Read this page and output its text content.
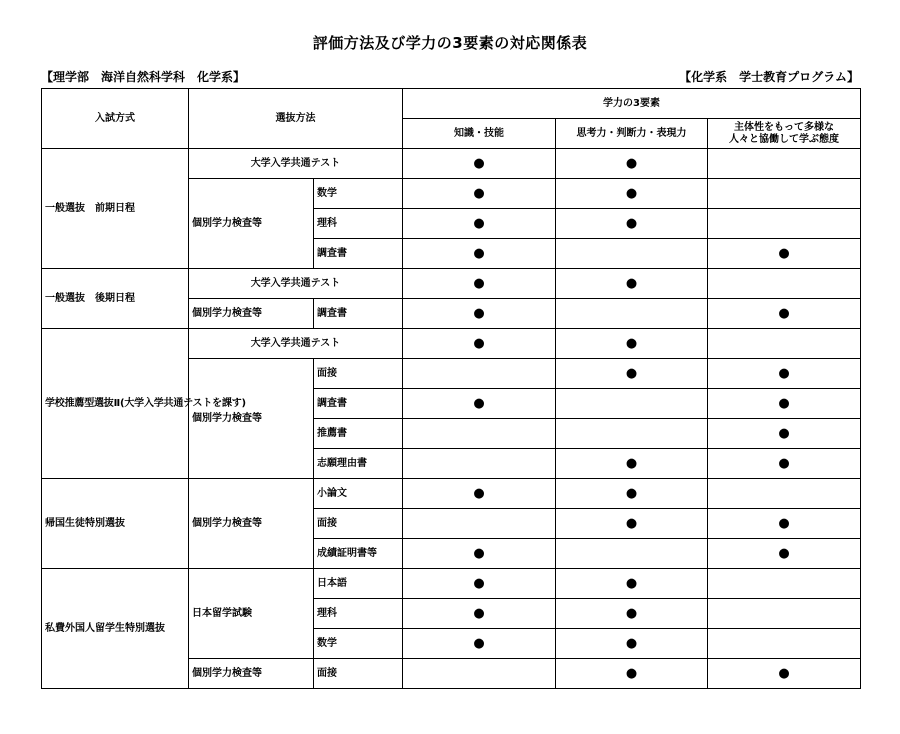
評価方法及び学力の3要素の対応関係表
【理学部　海洋自然科学科　化学系】	【化学系　学士教育プログラム】
入試方式	選抜方法		学力の3要素		
			知識・技能	思考力・判断力・表現力	主体性をもって多様な
人々と協働して学ぶ態度
一般選抜　前期日程	大学入学共通テスト		●	●	
	個別学力検査等	数学	●	●	
		理科	●	●	
		調査書	●		●
一般選抜　後期日程	大学入学共通テスト		●	●	
	個別学力検査等	調査書	●		●
学校推薦型選抜Ⅱ(大学入学共通テストを課す)	大学入学共通テスト		●	●	
	個別学力検査等	面接		●	●
		調査書	●		●
		推薦書			●
		志願理由書		●	●
帰国生徒特別選抜	個別学力検査等	小論文	●	●	
		面接		●	●
		成績証明書等	●		●
私費外国人留学生特別選抜	日本留学試験	日本語	●	●	
		理科	●	●	
		数学	●	●	
	個別学力検査等	面接		●	●
